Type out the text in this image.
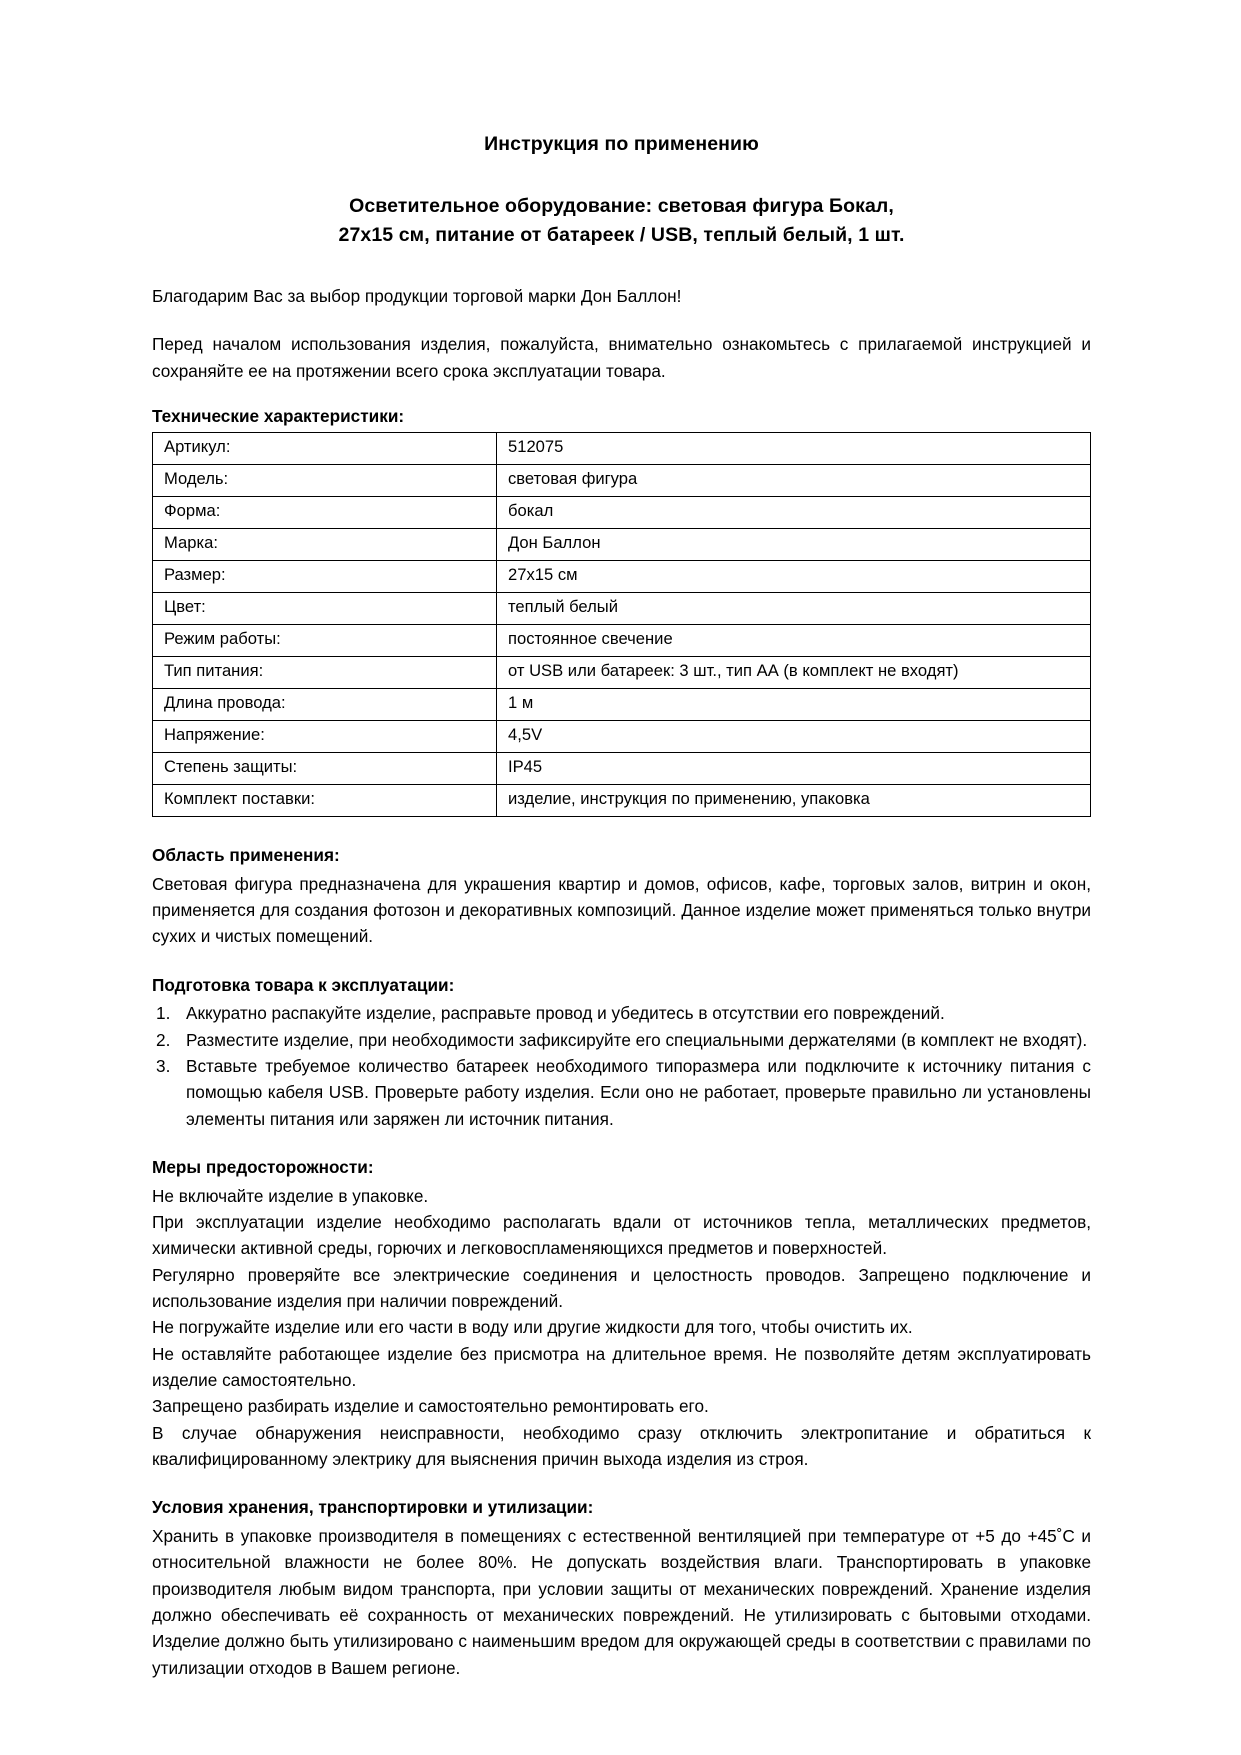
Инструкция по применению
Осветительное оборудование: световая фигура Бокал,
27x15 см, питание от батареек / USB, теплый белый, 1 шт.

Благодарим Вас за выбор продукции торговой марки Дон Баллон!

Перед началом использования изделия, пожалуйста, внимательно ознакомьтесь с прилагаемой инструкцией и сохраняйте ее на протяжении всего срока эксплуатации товара.

Технические характеристики:
Артикул:	512075
Модель:	световая фигура
Форма:	бокал
Марка:	Дон Баллон
Размер:	27x15 см
Цвет:	теплый белый
Режим работы:	постоянное свечение
Тип питания:	от USB или батареек: 3 шт., тип АА (в комплект не входят)
Длина провода:	1 м
Напряжение:	4,5V
Степень защиты:	IP45
Комплект поставки:	изделие, инструкция по применению, упаковка
Область применения:

Световая фигура предназначена для украшения квартир и домов, офисов, кафе, торговых залов, витрин и окон, применяется для создания фотозон и декоративных композиций. Данное изделие может применяться только внутри сухих и чистых помещений.

Подготовка товара к эксплуатации:
Аккуратно распакуйте изделие, расправьте провод и убедитесь в отсутствии его повреждений.
Разместите изделие, при необходимости зафиксируйте его специальными держателями (в комплект не входят).
Вставьте требуемое количество батареек необходимого типоразмера или подключите к источнику питания с помощью кабеля USB. Проверьте работу изделия. Если оно не работает, проверьте правильно ли установлены элементы питания или заряжен ли источник питания.
Меры предосторожности:

Не включайте изделие в упаковке.

При эксплуатации изделие необходимо располагать вдали от источников тепла, металлических предметов, химически активной среды, горючих и легковоспламеняющихся предметов и поверхностей.

Регулярно проверяйте все электрические соединения и целостность проводов. Запрещено подключение и использование изделия при наличии повреждений.

Не погружайте изделие или его части в воду или другие жидкости для того, чтобы очистить их.

Не оставляйте работающее изделие без присмотра на длительное время. Не позволяйте детям эксплуатировать изделие самостоятельно.

Запрещено разбирать изделие и самостоятельно ремонтировать его.

В случае обнаружения неисправности, необходимо сразу отключить электропитание и обратиться к квалифицированному электрику для выяснения причин выхода изделия из строя.

Условия хранения, транспортировки и утилизации:

Хранить в упаковке производителя в помещениях с естественной вентиляцией при температуре от +5 до +45˚С и относительной влажности не более 80%. Не допускать воздействия влаги. Транспортировать в упаковке производителя любым видом транспорта, при условии защиты от механических повреждений. Хранение изделия должно обеспечивать её сохранность от механических повреждений. Не утилизировать с бытовыми отходами. Изделие должно быть утилизировано с наименьшим вредом для окружающей среды в соответствии с правилами по утилизации отходов в Вашем регионе.
